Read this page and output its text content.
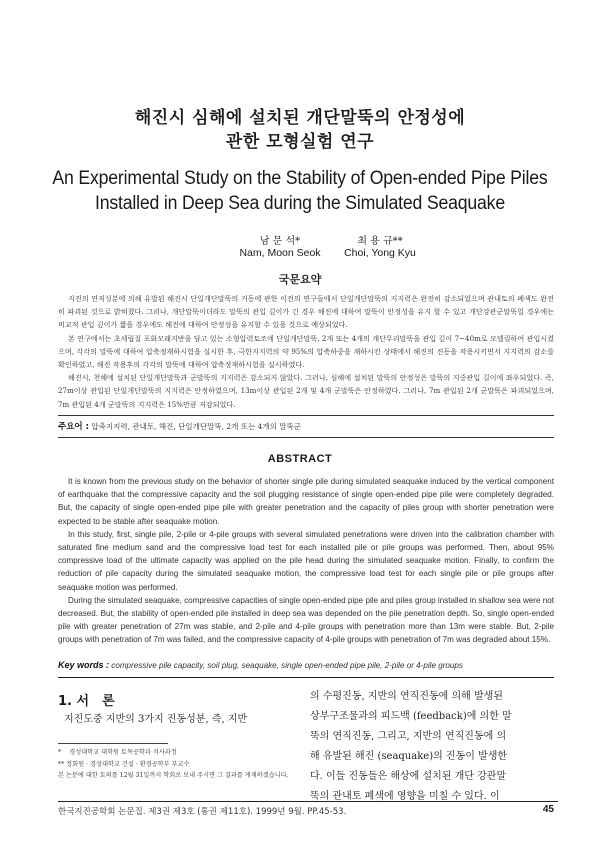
해진시 심해에 설치된 개단말뚝의 안정성에
관한 모형실험 연구
An Experimental Study on the Stability of Open-ended Pipe Piles
Installed in Deep Sea during the Simulated Seaquake
남 문 석*	최 용 규**
Nam, Moon Seok	Choi, Yong Kyu
국문요약

지진의 연직성분에 의해 유발된 해진시 단일개단말뚝의 거동에 관한 이전의 연구들에서 단일개단말뚝의 지지력은 완전히 감소되었으며 관내토의 폐색도 완전히 파괴된 것으로 밝혀졌다. 그러나, 개단말뚝이더라도 말뚝의 관입 깊이가 긴 경우 해진에 대하여 말뚝이 안정성을 유지 할 수 있고 개단강관군말뚝일 경우에는 비교적 관입 깊이가 짧을 경우에도 해진에 대하여 안정성을 유지할 수 있을 것으로 예상되었다.

본 연구에서는 초세립질 포화모래지반을 담고 있는 소형압력토조에 단일개단말뚝, 2개 또는 4개의 개단무리말뚝을 관입 깊이 7~40m로 모델링하여 관입시켰으며, 각각의 말뚝에 대하여 압축정재하시험을 실시한 후, 극한지지력의 약 95%의 압축하중을 재하시킨 상태에서 해진의 진동을 작용시키면서 지지력의 감소를 확인하였고, 해진 작용후의 각각의 말뚝에 대하여 압축정재하시험을 실시하였다.

해진시, 천해에 설치된 단일개단말뚝과 군말뚝의 지지력은 감소되지 않았다. 그러나, 심해에 설치된 말뚝의 안정성은 말뚝의 지중관입 길이에 좌우되었다. 즉, 27m이상 관입된 단일개단말뚝의 지지력은 안정하였으며, 13m이상 관입된 2개 및 4개 군말뚝은 안정하였다. 그러나, 7m 관입된 2개 군말뚝은 파괴되었으며, 7m 관입된 4개 군말뚝의 지지력은 15%만큼 저감되었다.

주요어 : 압축지지력, 관내토, 해진, 단일개단말뚝, 2개 또는 4개의 말뚝군
ABSTRACT

It is known from the previous study on the behavior of shorter single pile during simulated seaquake induced by the vertical component of earthquake that the compressive capacity and the soil plugging resistance of single open-ended pipe pile were completely degraded. But, the capacity of single open-ended pipe pile with greater penetration and the capacity of piles group with shorter penetration were expected to be stable after seaquake motion.

In this study, first, single pile, 2-pile or 4-pile groups with several simulated penetrations were driven into the calibration chamber with saturated fine medium sand and the compressive load test for each installed pile or pile groups was performed. Then, about 95% compressive load of the ultimate capacity was applied on the pile head during the simulated seaquake motion. Finally, to confirm the reduction of pile capacity during the simulated seaquake motion, the compressive load test for each single pile or pile groups after seaquake motion was performed.

During the simulated seaquake, compressive capacities of single open-ended pipe pile and piles group installed in shallow sea were not decreased. But, the stability of open-ended pile installed in deep sea was depended on the pile penetration depth. So, single open-ended pile with greater penetration of 27m was stable, and 2-pile and 4-pile groups with penetration more than 13m were stable. But, 2-pile groups with penetration of 7m was failed, and the compressive capacity of 4-pile groups with penetration of 7m was degraded about 15%.

Key words : compressive pile capacity, soil plug, seaquake, single open-ended pipe pile, 2-pile or 4-pile groups
1. 서　론
지진도중 지반의 3가지 진동성분, 즉, 지반
의 수평진동, 지반의 연직진동에 의해 발생된
상부구조물과의 피드백 (feedback)에 의한 말
뚝의 연직진동, 그리고, 지반의 연직진동에 의
해 유발된 해진 (seaquake)의 진동이 발생한
다. 이들 진동들은 해상에 설치된 개단 강관말
뚝의 관내토 폐색에 영향을 미칠 수 있다. 이
* 　경성대학교 대학원 토목공학과 석사과정
** 정회원 · 경성대학교 건설 · 환경공학부 부교수
본 논문에 대한 토의를 12월 31일까지 학회로 보내 주시면 그 결과를 게재하겠습니다.
한국지진공학회 논문집. 제3권 제3호 (통권 제11호). 1999년 9월. PP.45-53.	45
